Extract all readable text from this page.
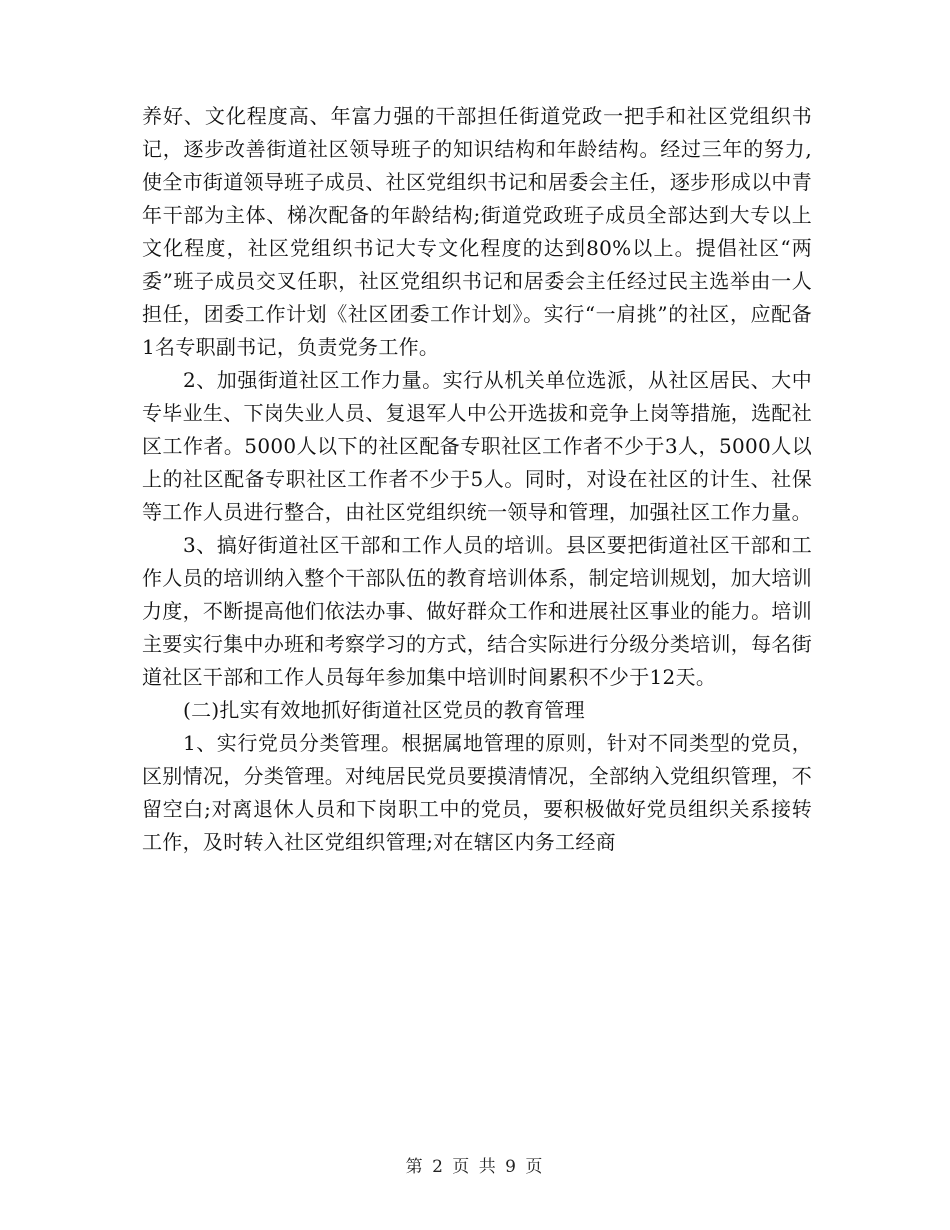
养好、文化程度高、年富力强的干部担任街道党政一把手和社区党组织书记，逐步改善街道社区领导班子的知识结构和年龄结构。经过三年的努力,使全市街道领导班子成员、社区党组织书记和居委会主任，逐步形成以中青年干部为主体、梯次配备的年龄结构;街道党政班子成员全部达到大专以上文化程度，社区党组织书记大专文化程度的达到80%以上。提倡社区“两委”班子成员交叉任职，社区党组织书记和居委会主任经过民主选举由一人担任，团委工作计划《社区团委工作计划》。实行“一肩挑”的社区，应配备1名专职副书记，负责党务工作。

2、加强街道社区工作力量。实行从机关单位选派，从社区居民、大中专毕业生、下岗失业人员、复退军人中公开选拔和竞争上岗等措施，选配社区工作者。5000人以下的社区配备专职社区工作者不少于3人，5000人以上的社区配备专职社区工作者不少于5人。同时，对设在社区的计生、社保等工作人员进行整合，由社区党组织统一领导和管理，加强社区工作力量。

3、搞好街道社区干部和工作人员的培训。县区要把街道社区干部和工作人员的培训纳入整个干部队伍的教育培训体系，制定培训规划，加大培训力度，不断提高他们依法办事、做好群众工作和进展社区事业的能力。培训主要实行集中办班和考察学习的方式，结合实际进行分级分类培训，每名街道社区干部和工作人员每年参加集中培训时间累积不少于12天。

(二)扎实有效地抓好街道社区党员的教育管理

1、实行党员分类管理。根据属地管理的原则，针对不同类型的党员，区别情况，分类管理。对纯居民党员要摸清情况，全部纳入党组织管理，不留空白;对离退休人员和下岗职工中的党员，要积极做好党员组织关系接转工作，及时转入社区党组织管理;对在辖区内务工经商

第 2 页 共 9 页
